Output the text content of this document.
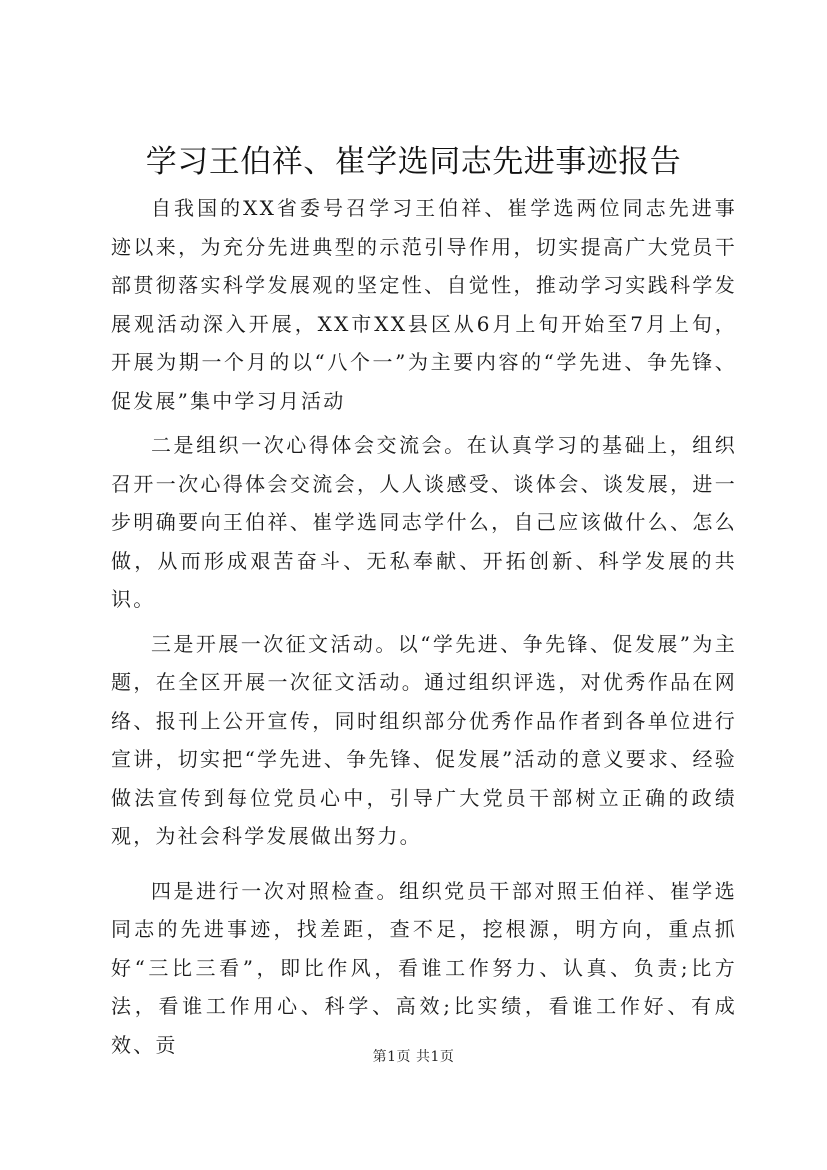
学习王伯祥、崔学选同志先进事迹报告

自我国的XX省委号召学习王伯祥、崔学选两位同志先进事迹以来，为充分先进典型的示范引导作用，切实提高广大党员干部贯彻落实科学发展观的坚定性、自觉性，推动学习实践科学发展观活动深入开展，XX市XX县区从6月上旬开始至7月上旬，开展为期一个月的以“八个一”为主要内容的“学先进、争先锋、促发展”集中学习月活动

二是组织一次心得体会交流会。在认真学习的基础上，组织召开一次心得体会交流会，人人谈感受、谈体会、谈发展，进一步明确要向王伯祥、崔学选同志学什么，自己应该做什么、怎么做，从而形成艰苦奋斗、无私奉献、开拓创新、科学发展的共识。

三是开展一次征文活动。以“学先进、争先锋、促发展”为主题，在全区开展一次征文活动。通过组织评选，对优秀作品在网络、报刊上公开宣传，同时组织部分优秀作品作者到各单位进行宣讲，切实把“学先进、争先锋、促发展”活动的意义要求、经验做法宣传到每位党员心中，引导广大党员干部树立正确的政绩观，为社会科学发展做出努力。

四是进行一次对照检查。组织党员干部对照王伯祥、崔学选同志的先进事迹，找差距，查不足，挖根源，明方向，重点抓好“三比三看”，即比作风，看谁工作努力、认真、负责;比方法，看谁工作用心、科学、高效;比实绩，看谁工作好、有成效、贡

第1页 共1页
